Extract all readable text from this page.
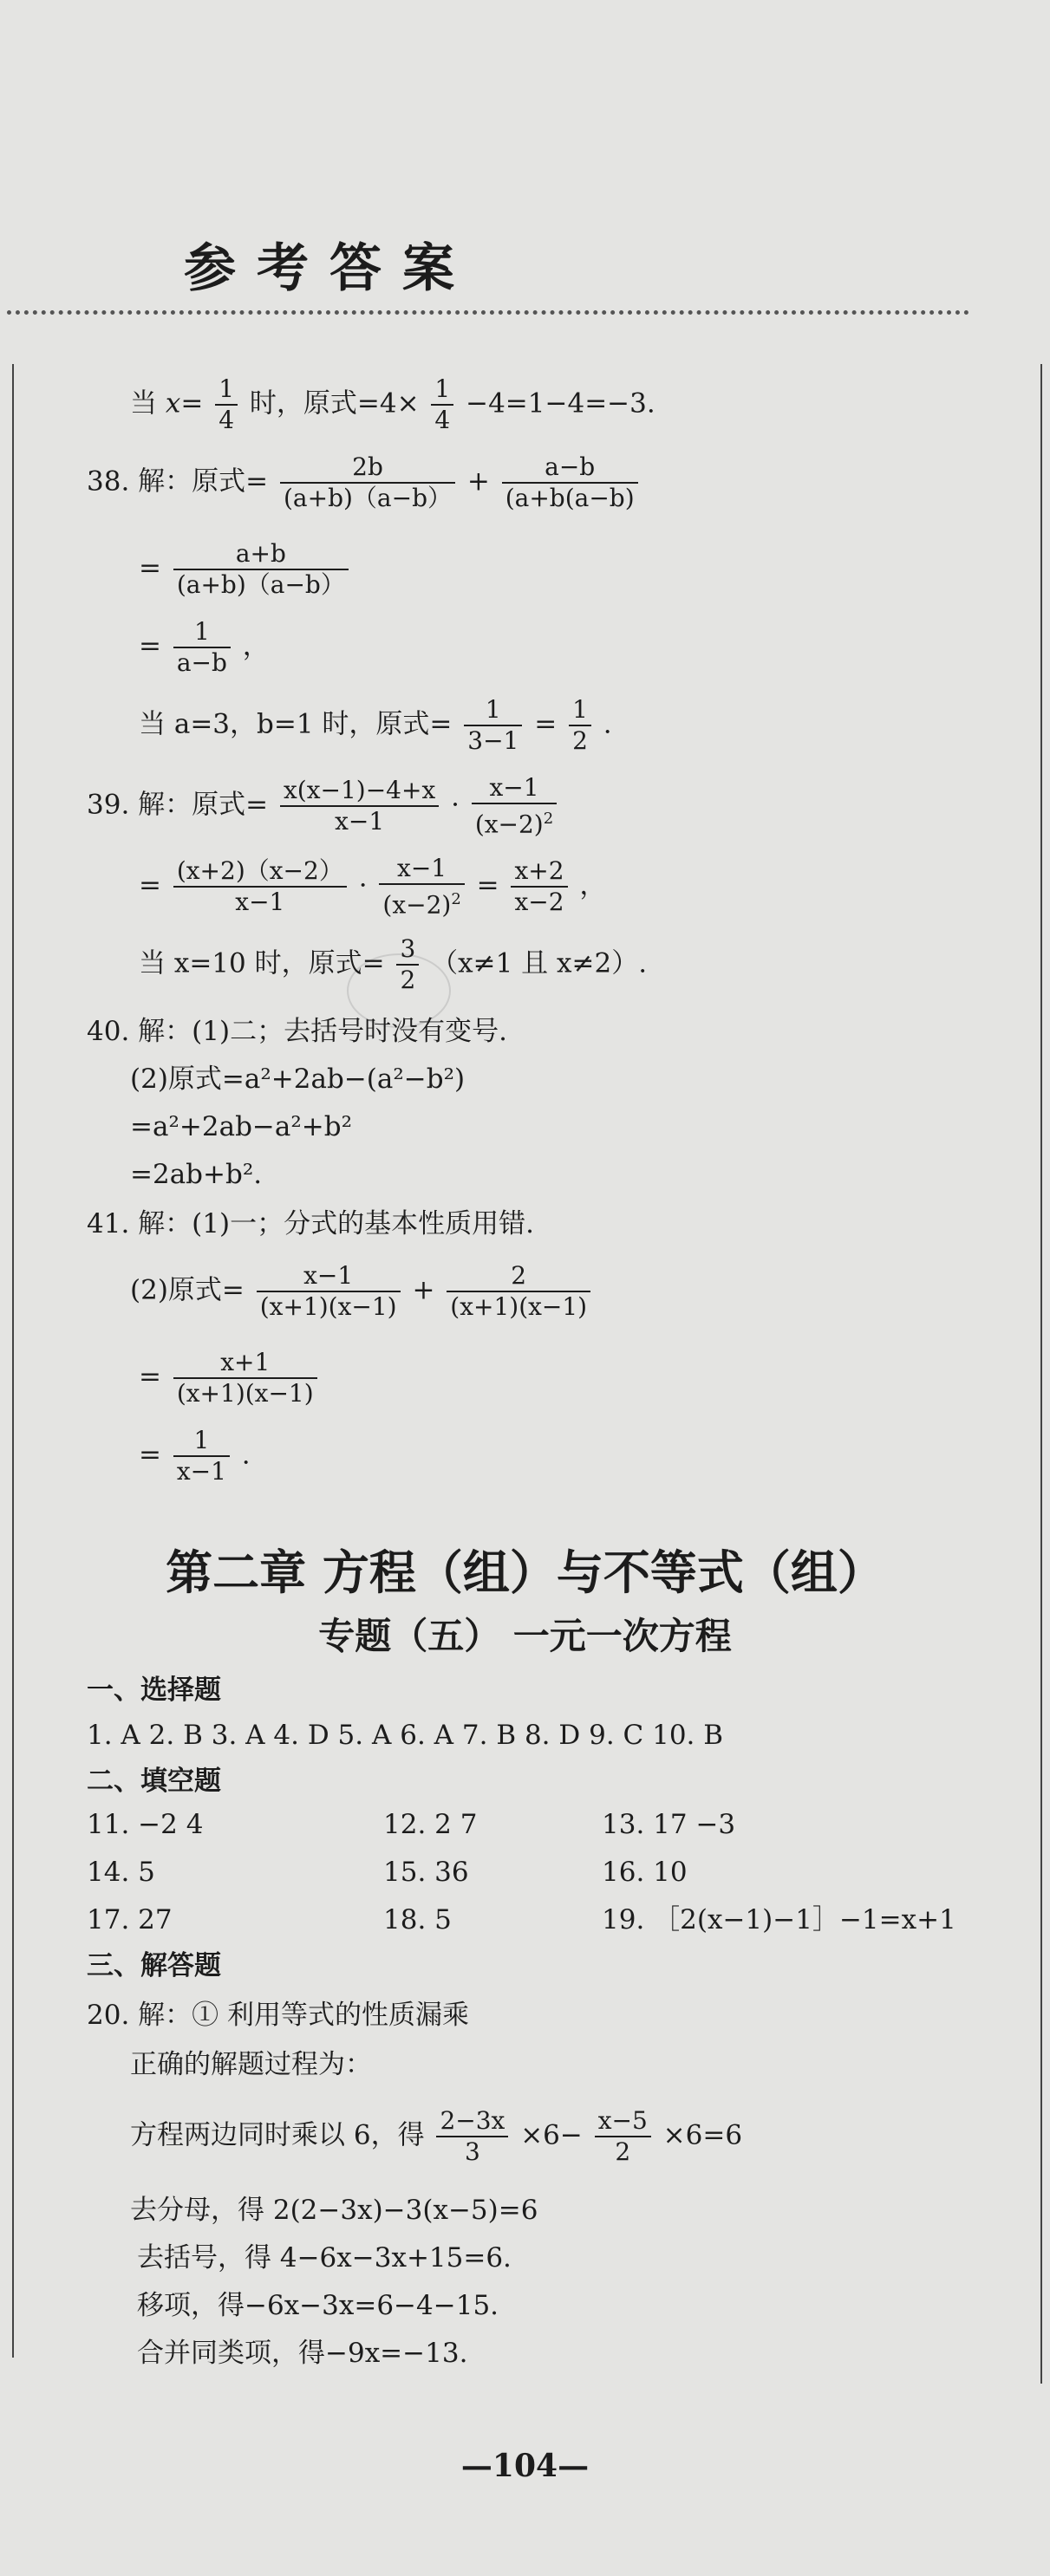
参考答案
当 $x= \frac{1}{4}$ 时，原式$=4\times \frac{1}{4} -4=1-4=-3$.
38. 解：原式= $\frac{2b}{(a+b)(a-b)} + \frac{a-b}{(a+b(a-b)}$
= $\frac{a+b}{(a+b)(a-b)}$
= $\frac{1}{a-b}$ ，
当 a=3，b=1 时，原式= $\frac{1}{3-1} = \frac{1}{2}$ .
39. 解：原式= $\frac{x(x-1)-4+x}{x-1} \cdot \frac{x-1}{(x-2)^2}$
= $\frac{(x+2)(x-2)}{x-1} \cdot \frac{x-1}{(x-2)^2} = \frac{x+2}{x-2}$ ，
当 x=10 时，原式= $\frac{3}{2} (x\ne 1$ 且 x≠2）.
40. 解：(1)二；去括号时没有变号.
(2)原式=a²+2ab−(a²−b²)
=a²+2ab−a²+b²
=2ab+b².
41. 解：(1)一；分式的基本性质用错.
(2)原式= $\frac{x-1}{(x+1)(x-1)} + \frac{2}{(x+1)(x-1)}$
= $\frac{x+1}{(x+1)(x-1)}$
= $\frac{1}{x-1}$ .
第二章 方程（组）与不等式（组）
专题（五） 一元一次方程
一、选择题
1. A 2. B 3. A 4. D 5. A 6. A 7. B 8. D 9. C 10. B
二、填空题
11. −2 4	12. 2 7	13. 17 −3
14. 5	15. 36	16. 10
17. 27	18. 5	19. ［2(x−1)−1］−1=x+1
三、解答题
20. 解：① 利用等式的性质漏乘
正确的解题过程为：
方程两边同时乘以 6，得 $\frac{2-3x}{3} \times 6- \frac{x-5}{2} \times 6=6$
去分母，得 2(2−3x)−3(x−5)=6
去括号，得 4−6x−3x+15=6.
移项，得−6x−3x=6−4−15.
合并同类项，得−9x=−13.
—104—
